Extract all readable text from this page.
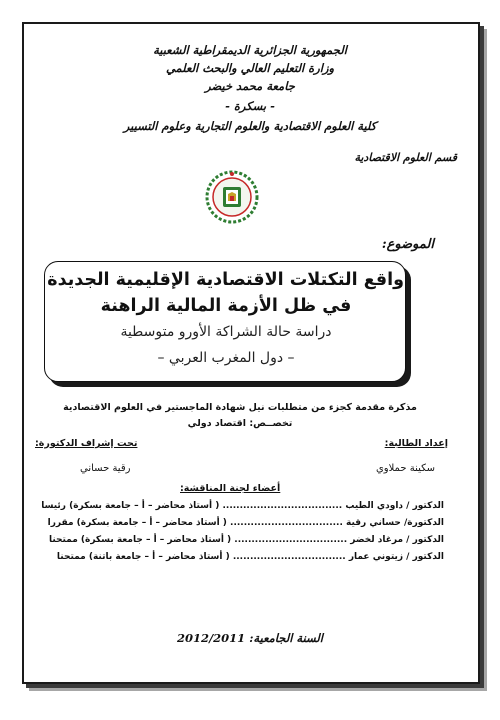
الجمهورية الجزائرية الديمقراطية الشعبية
وزارة التعليم العالي والبحث العلمي
جامعة محمد خيضر
- بسكرة -
كلية العلوم الاقتصادية والعلوم التجارية وعلوم التسيير
قسم العلوم الاقتصادية
الموضوع:
واقع التكتلات الاقتصادية الإقليمية الجديدة
في ظل الأزمة المالية الراهنة
دراسة حالة الشراكة الأورو متوسطية
– دول المغرب العربي –
مذكرة مقدمة كجزء من متطلبات نيل شهادة الماجستير في العلوم الاقتصادية
تخصــص: اقتصاد دولي
إعداد الطالبة:
تحت إشراف الدكتورة:
سكينة حملاوي
رقية حساني
أعضاء لجنة المناقشة:
الدكتور / داودي الطيب ................................... ( أستاذ محاضر – أ – جامعة بسكرة) رئيسا
الدكتورة/ حساني رقية ................................. ( أستاذ محاضر – أ – جامعة بسكرة) مقررا
الدكتور / مرغاد لخضر ................................. ( أستاذ محاضر – أ – جامعة بسكرة) ممتحنا
الدكتور / زيتوني عمار ................................. ( أستاذ محاضر – أ – جامعة باتنة) ممتحنا
السنة الجامعية: 2012/2011
